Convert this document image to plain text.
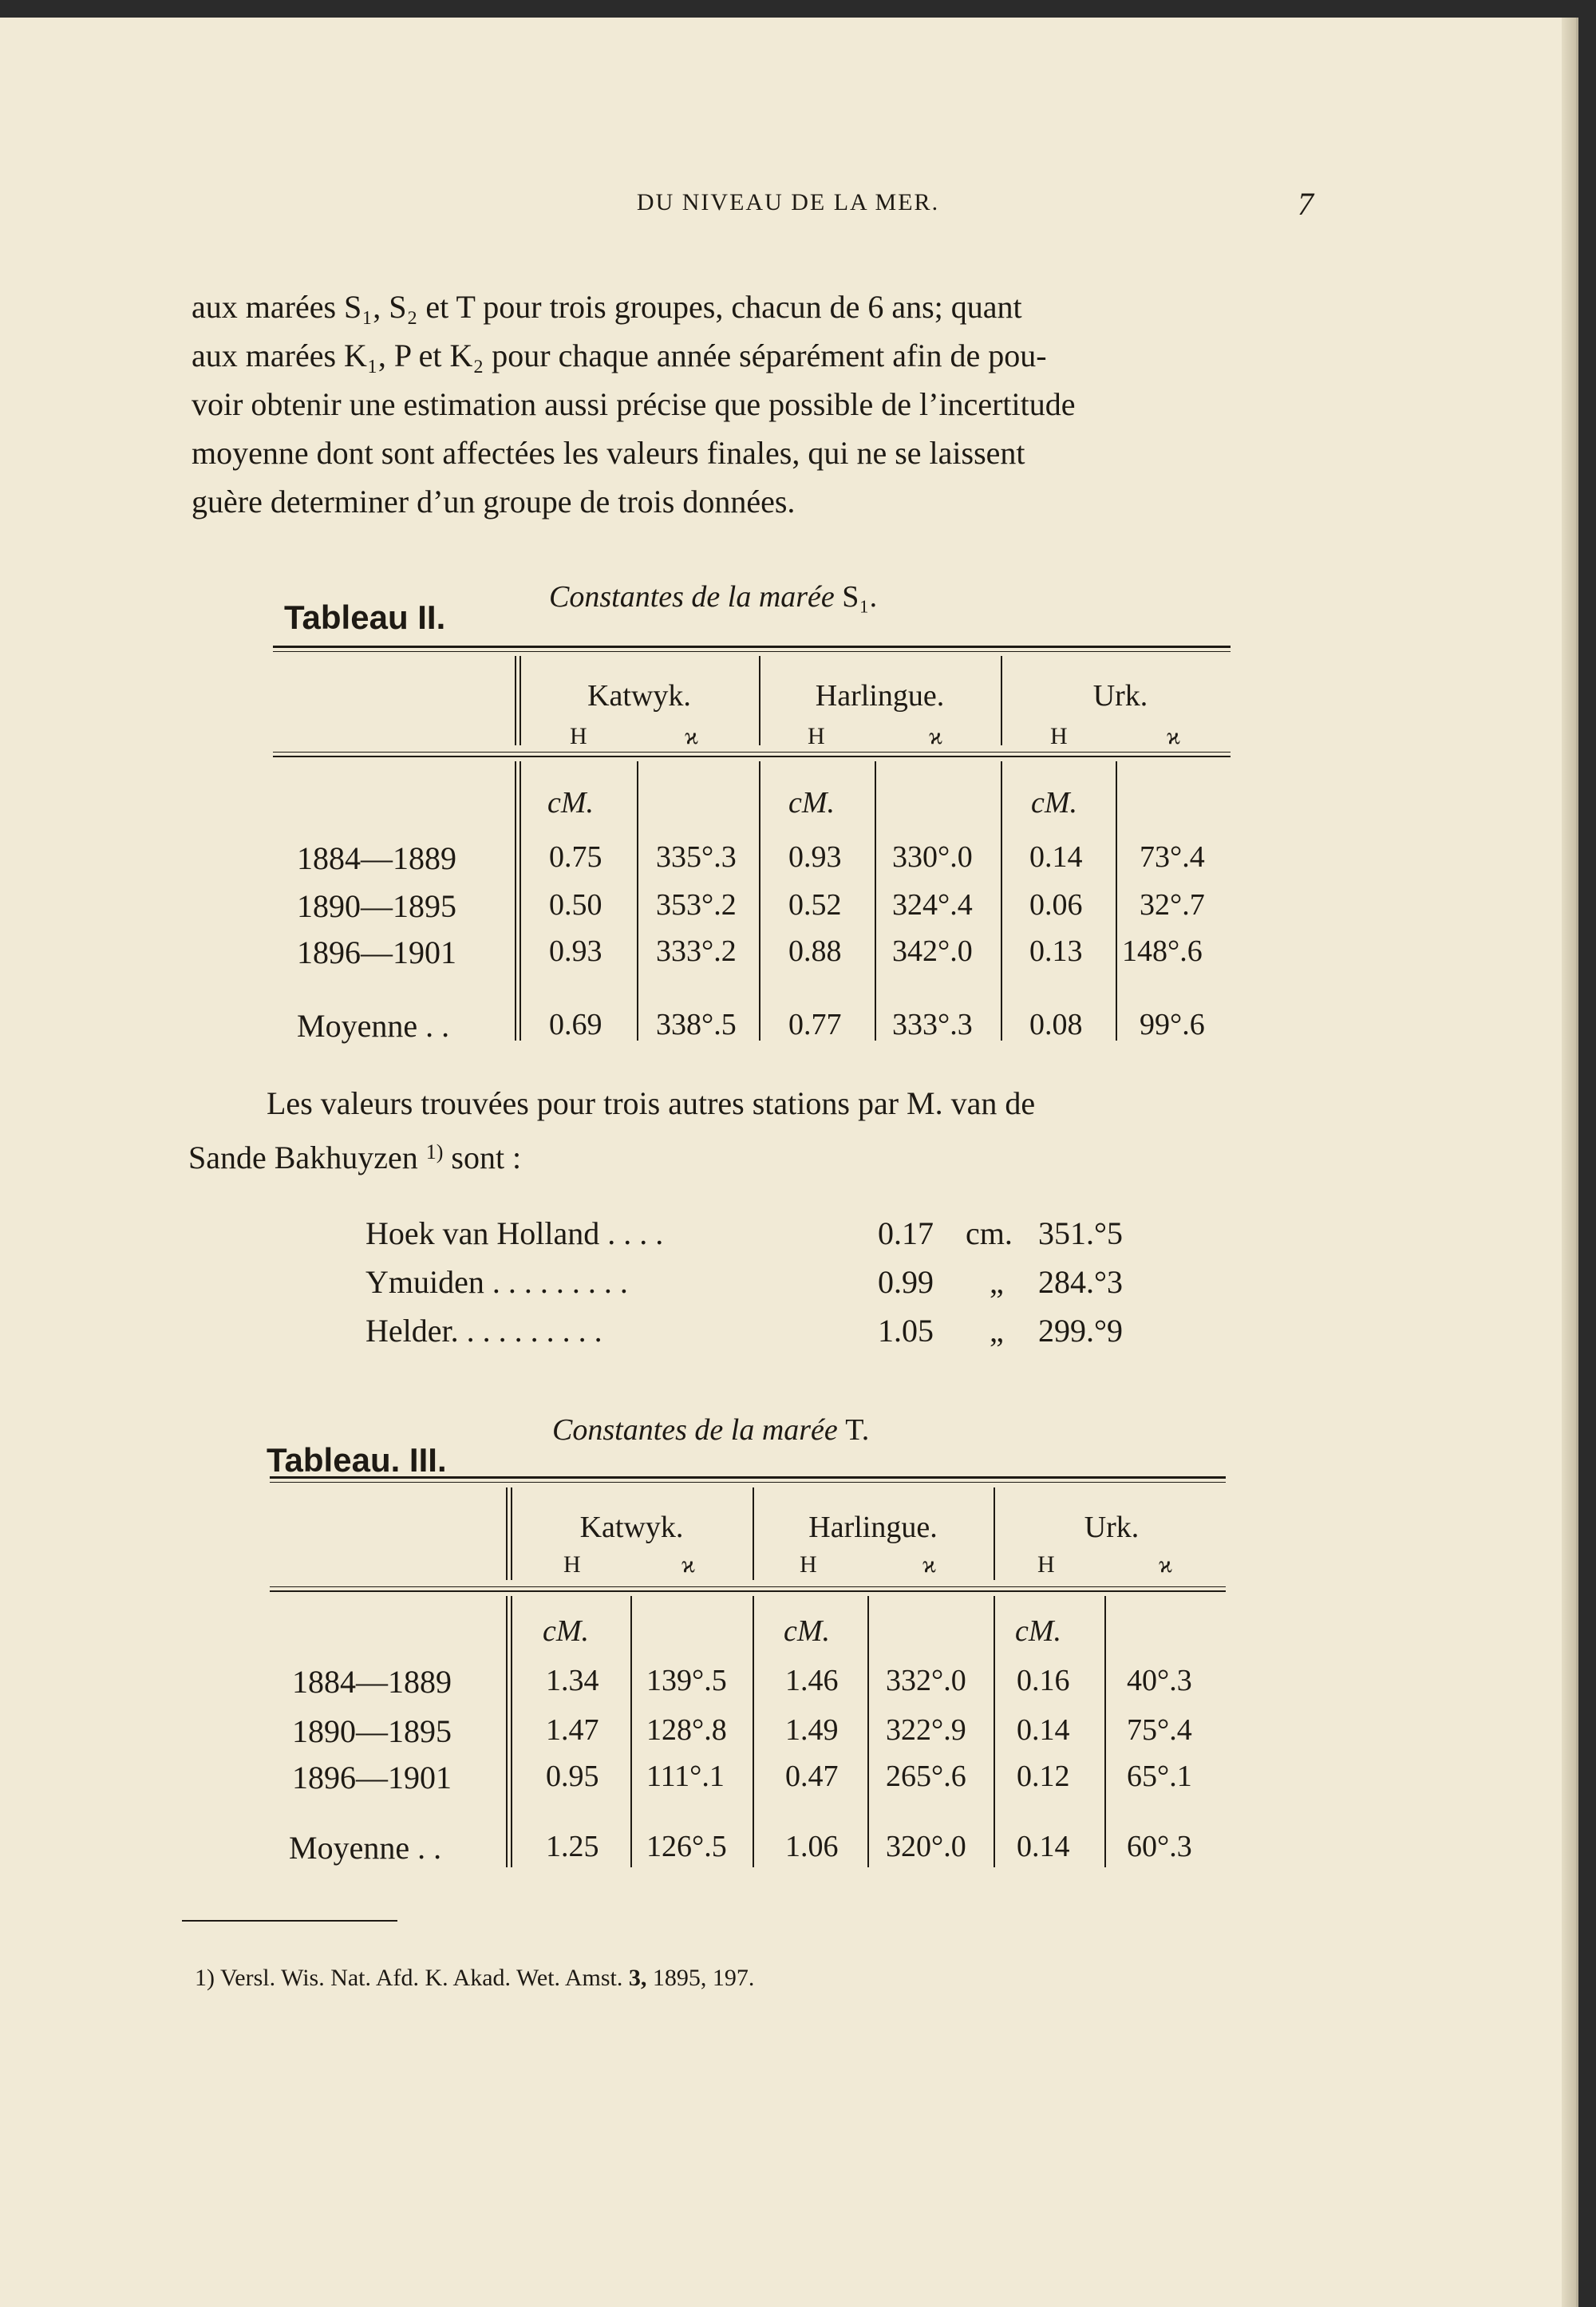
DU NIVEAU DE LA MER.	7

aux marées S₁, S₂ et T pour trois groupes, chacun de 6 ans; quant

aux marées K₁, P et K₂ pour chaque année séparément afin de pou-

voir obtenir une estimation aussi précise que possible de l’incertitude

moyenne dont sont affectées les valeurs finales, qui ne se laissent

guère determiner d’un groupe de trois données.

Tableau II.
Constantes de la marée S₁.
Katwyk.	Harlingue.	Urk.
H	ϰ	H	ϰ	H	ϰ
cM.	cM.	cM.
1884—1889	0.75 335°.3 0.93 330°.0 0.14 73°.4
1890—1895	0.50 353°.2 0.52 324°.4 0.06 32°.7
1896—1901	0.93 333°.2 0.88 342°.0 0.13 148°.6
Moyenne . .	0.69 338°.5 0.77 333°.3 0.08 99°.6

Les valeurs trouvées pour trois autres stations par M. van de

Sande Bakhuyzen $^{1)}$ sont :

Hoek van Holland . . . .	0.17 cm. 351.°5
Ymuiden . . . . . . . . .	0.99 „ 284.°3
Helder. . . . . . . . . .	1.05 „ 299.°9
Tableau. III.
Constantes de la marée T.
Katwyk.	Harlingue.	Urk.
H	ϰ	H	ϰ	H	ϰ
cM.	cM.	cM.
1884—1889	1.34 139°.5 1.46 332°.0 0.16 40°.3
1890—1895	1.47 128°.8 1.49 322°.9 0.14 75°.4
1896—1901	0.95 111°.1 0.47 265°.6 0.12 65°.1
Moyenne . .	1.25 126°.5 1.06 320°.0 0.14 60°.3
1) Versl. Wis. Nat. Afd. K. Akad. Wet. Amst. 3, 1895, 197.
